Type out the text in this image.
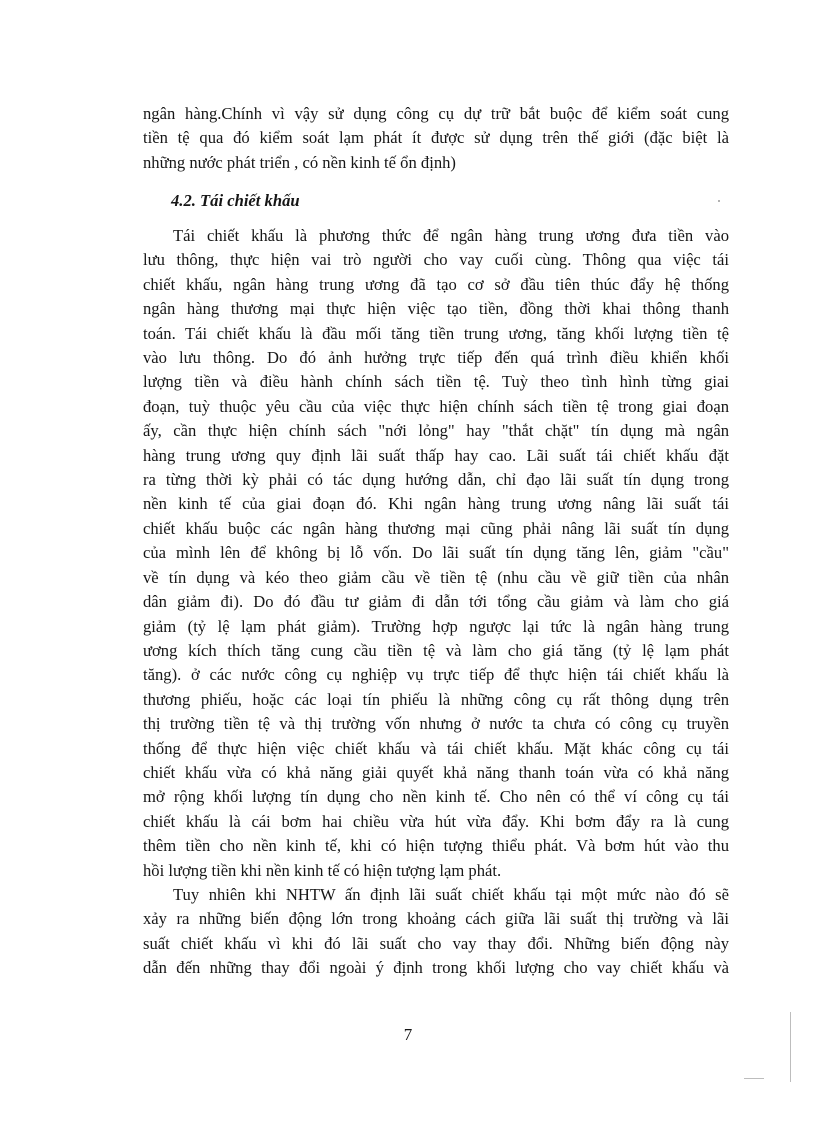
ngân hàng.Chính vì vậy sử dụng công cụ dự trữ bắt buộc để kiểm soát cung
tiền tệ qua đó kiểm soát lạm phát ít được sử dụng trên thế giới (đặc biệt là
những nước phát triển , có nền kinh tế ổn định)
4.2. Tái chiết khấu
Tái chiết khấu là phương thức để ngân hàng trung ương đưa tiền vào
lưu thông, thực hiện vai trò người cho vay cuối cùng. Thông qua việc tái
chiết khấu, ngân hàng trung ương đã tạo cơ sở đầu tiên thúc đẩy hệ thống
ngân hàng thương mại thực hiện việc tạo tiền, đồng thời khai thông thanh
toán. Tái chiết khấu là đầu mối tăng tiền trung ương, tăng khối lượng tiền tệ
vào lưu thông. Do đó ảnh hưởng trực tiếp đến quá trình điều khiển khối
lượng tiền và điều hành chính sách tiền tệ. Tuỳ theo tình hình từng giai
đoạn, tuỳ thuộc yêu cầu của việc thực hiện chính sách tiền tệ trong giai đoạn
ấy, cần thực hiện chính sách "nới lỏng" hay "thắt chặt" tín dụng mà ngân
hàng trung ương quy định lãi suất thấp hay cao. Lãi suất tái chiết khấu đặt
ra từng thời kỳ phải có tác dụng hướng dẫn, chỉ đạo lãi suất tín dụng trong
nền kinh tế của giai đoạn đó. Khi ngân hàng trung ương nâng lãi suất tái
chiết khấu buộc các ngân hàng thương mại cũng phải nâng lãi suất tín dụng
của mình lên để không bị lỗ vốn. Do lãi suất tín dụng tăng lên, giảm "cầu"
về tín dụng và kéo theo giảm cầu về tiền tệ (nhu cầu về giữ tiền của nhân
dân giảm đi). Do đó đầu tư giảm đi dẫn tới tổng cầu giảm và làm cho giá
giảm (tỷ lệ lạm phát giảm). Trường hợp ngược lại tức là ngân hàng trung
ương kích thích tăng cung cầu tiền tệ và làm cho giá tăng (tỷ lệ lạm phát
tăng). ở các nước công cụ nghiệp vụ trực tiếp để thực hiện tái chiết khấu là
thương phiếu, hoặc các loại tín phiếu là những công cụ rất thông dụng trên
thị trường tiền tệ và thị trường vốn nhưng ở nước ta chưa có công cụ truyền
thống để thực hiện việc chiết khấu và tái chiết khấu. Mặt khác công cụ tái
chiết khấu vừa có khả năng giải quyết khả năng thanh toán vừa có khả năng
mở rộng khối lượng tín dụng cho nền kinh tế. Cho nên có thể ví công cụ tái
chiết khấu là cái bơm hai chiều vừa hút vừa đẩy. Khi bơm đẩy ra là cung
thêm tiền cho nền kinh tế, khi có hiện tượng thiểu phát. Và bơm hút vào thu
hồi lượng tiền khi nền kinh tế có hiện tượng lạm phát.
Tuy nhiên khi NHTW ấn định lãi suất chiết khấu tại một mức nào đó sẽ
xảy ra những biến động lớn trong khoảng cách giữa lãi suất thị trường và lãi
suất chiết khấu vì khi đó lãi suất cho vay thay đổi. Những biến động này
dẫn đến những thay đổi ngoài ý định trong khối lượng cho vay chiết khấu và
7
